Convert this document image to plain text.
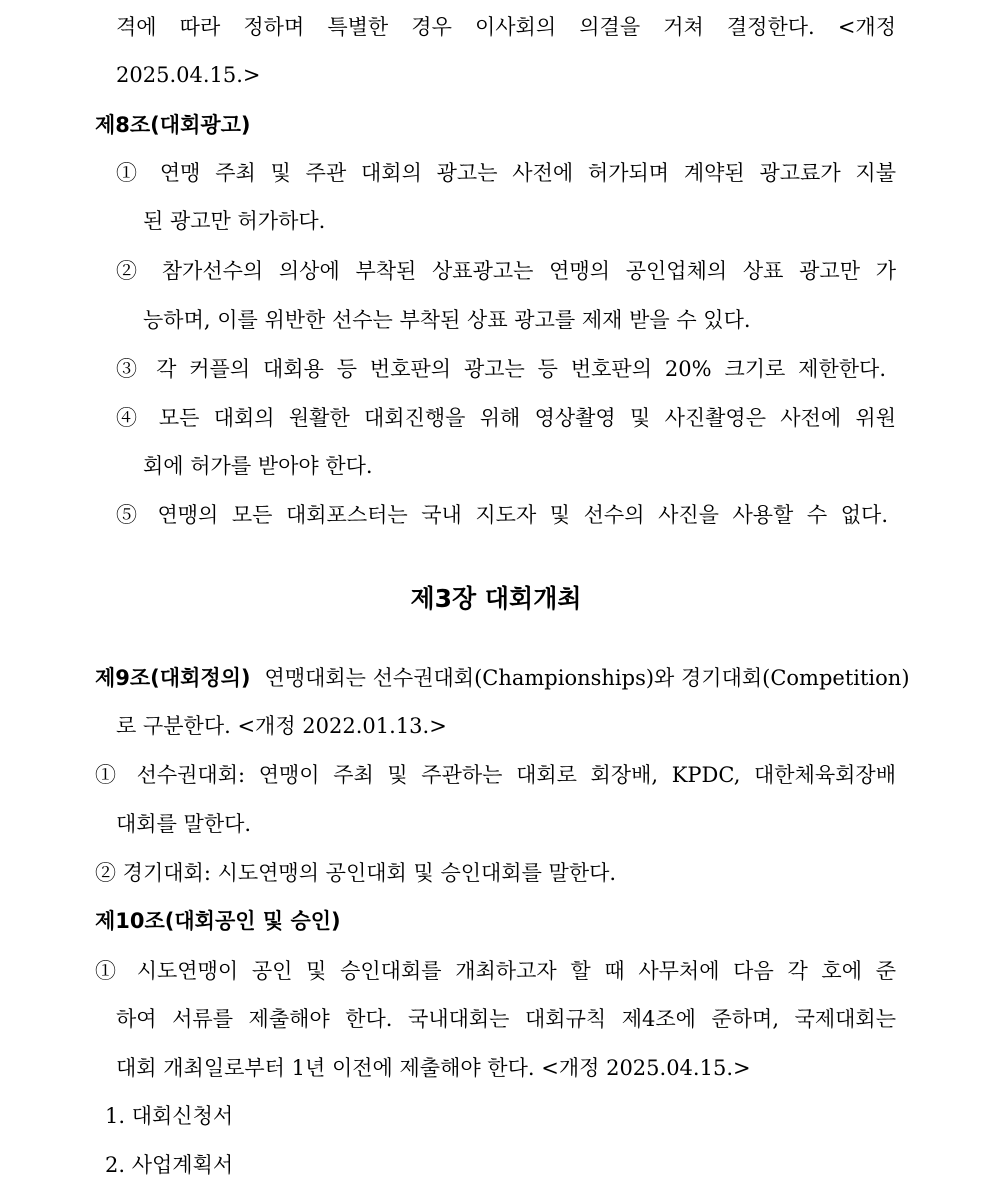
격에 따라 정하며 특별한 경우 이사회의 의결을 거쳐 결정한다. <개정
2025.04.15.>
제8조(대회광고)
① 연맹 주최 및 주관 대회의 광고는 사전에 허가되며 계약된 광고료가 지불
된 광고만 허가하다.
② 참가선수의 의상에 부착된 상표광고는 연맹의 공인업체의 상표 광고만 가
능하며, 이를 위반한 선수는 부착된 상표 광고를 제재 받을 수 있다.
③ 각 커플의 대회용 등 번호판의 광고는 등 번호판의 20% 크기로 제한한다.
④ 모든 대회의 원활한 대회진행을 위해 영상촬영 및 사진촬영은 사전에 위원
회에 허가를 받아야 한다.
⑤ 연맹의 모든 대회포스터는 국내 지도자 및 선수의 사진을 사용할 수 없다.
제3장 대회개최
제9조(대회정의) 연맹대회는 선수권대회(Championships)와 경기대회(Competition)
로 구분한다. <개정 2022.01.13.>
① 선수권대회: 연맹이 주최 및 주관하는 대회로 회장배, KPDC, 대한체육회장배
대회를 말한다.
② 경기대회: 시도연맹의 공인대회 및 승인대회를 말한다.
제10조(대회공인 및 승인)
① 시도연맹이 공인 및 승인대회를 개최하고자 할 때 사무처에 다음 각 호에 준
하여 서류를 제출해야 한다. 국내대회는 대회규칙 제4조에 준하며, 국제대회는
대회 개최일로부터 1년 이전에 제출해야 한다. <개정 2025.04.15.>
1. 대회신청서
2. 사업계획서
